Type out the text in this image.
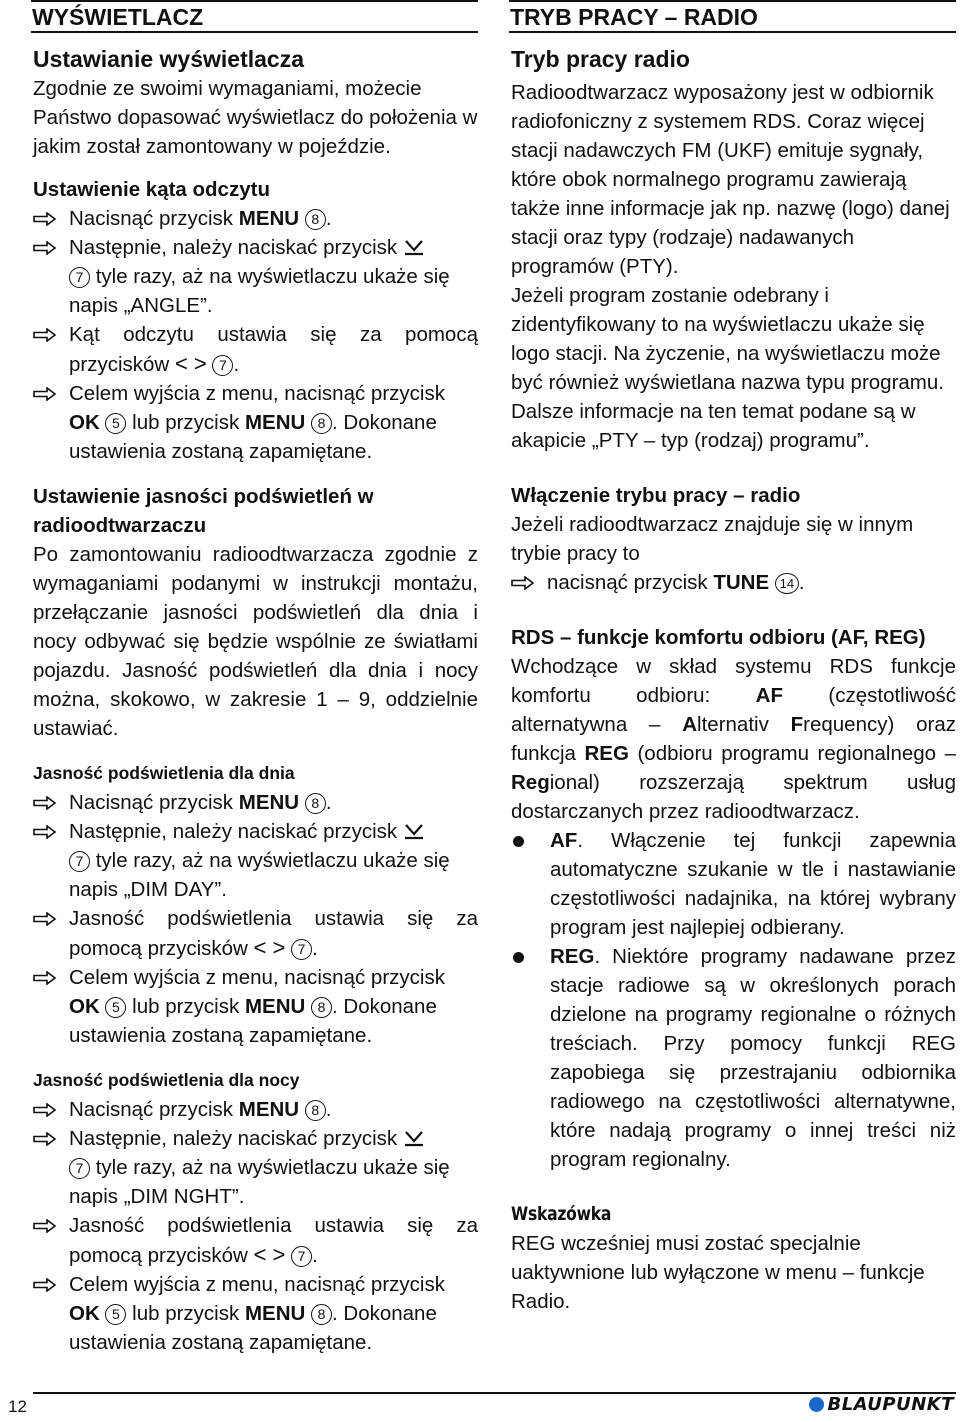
WYŚWIETLACZ
Ustawianie wyświetlacza
Zgodnie ze swoimi wymaganiami, możecie Państwo dopasować wyświetlacz do położenia w jakim został zamontowany w pojeździe.
Ustawienie kąta odczytu
Nacisnąć przycisk MENU 8 .
Następnie, należy naciskać przycisk
7 tyle razy, aż na wyświetlaczu ukaże się napis „ANGLE”.
Kąt odczytu ustawia się za pomocą przycisków < > 7 .
Celem wyjścia z menu, nacisnąć przycisk OK 5 lub przycisk MENU 8 . Dokonane ustawienia zostaną zapamiętane.
Ustawienie jasności podświetleń w radioodtwarzaczu
Po zamontowaniu radioodtwarzacza zgodnie z wymaganiami podanymi w instrukcji montażu, przełączanie jasności podświetleń dla dnia i nocy odbywać się będzie wspólnie ze światłami pojazdu. Jasność podświetleń dla dnia i nocy można, skokowo, w zakresie 1 – 9, oddzielnie ustawiać.
Jasność podświetlenia dla dnia
Nacisnąć przycisk MENU 8 .
Następnie, należy naciskać przycisk
7 tyle razy, aż na wyświetlaczu ukaże się napis „DIM DAY”.
Jasność podświetlenia ustawia się za pomocą przycisków < > 7 .
Celem wyjścia z menu, nacisnąć przycisk OK 5 lub przycisk MENU 8 . Dokonane ustawienia zostaną zapamiętane.
Jasność podświetlenia dla nocy
Nacisnąć przycisk MENU 8 .
Następnie, należy naciskać przycisk
7 tyle razy, aż na wyświetlaczu ukaże się napis „DIM NGHT”.
Jasność podświetlenia ustawia się za pomocą przycisków < > 7 .
Celem wyjścia z menu, nacisnąć przycisk OK 5 lub przycisk MENU 8 . Dokonane ustawienia zostaną zapamiętane.
TRYB PRACY – RADIO
Tryb pracy radio
Radioodtwarzacz wyposażony jest w odbiornik radiofoniczny z systemem RDS. Coraz więcej stacji nadawczych FM (UKF) emituje sygnały, które obok normalnego programu zawierają także inne informacje jak np. nazwę (logo) danej stacji oraz typy (rodzaje) nadawanych programów (PTY).
Jeżeli program zostanie odebrany i zidentyfikowany to na wyświetlaczu ukaże się logo stacji. Na życzenie, na wyświetlaczu może być również wyświetlana nazwa typu programu. Dalsze informacje na ten temat podane są w akapicie „PTY – typ (rodzaj) programu”.
Włączenie trybu pracy – radio
Jeżeli radioodtwarzacz znajduje się w innym trybie pracy to
nacisnąć przycisk TUNE 14 .
RDS – funkcje komfortu odbioru (AF, REG)
Wchodzące w skład systemu RDS funkcje komfortu odbioru: AF (częstotliwość alternatywna – Alternativ Frequency) oraz funkcja REG (odbioru programu regionalnego – Regional) rozszerzają spektrum usług dostarczanych przez radioodtwarzacz.
AF. Włączenie tej funkcji zapewnia automatyczne szukanie w tle i nastawianie częstotliwości nadajnika, na której wybrany program jest najlepiej odbierany.
REG. Niektóre programy nadawane przez stacje radiowe są w określonych porach dzielone na programy regionalne o różnych treściach. Przy pomocy funkcji REG zapobiega się przestrajaniu odbiornika radiowego na częstotliwości alternatywne, które nadają programy o innej treści niż program regionalny.
Wskazówka
REG wcześniej musi zostać specjalnie uaktywnione lub wyłączone w menu – funkcje Radio.
12	BLAUPUNKT
